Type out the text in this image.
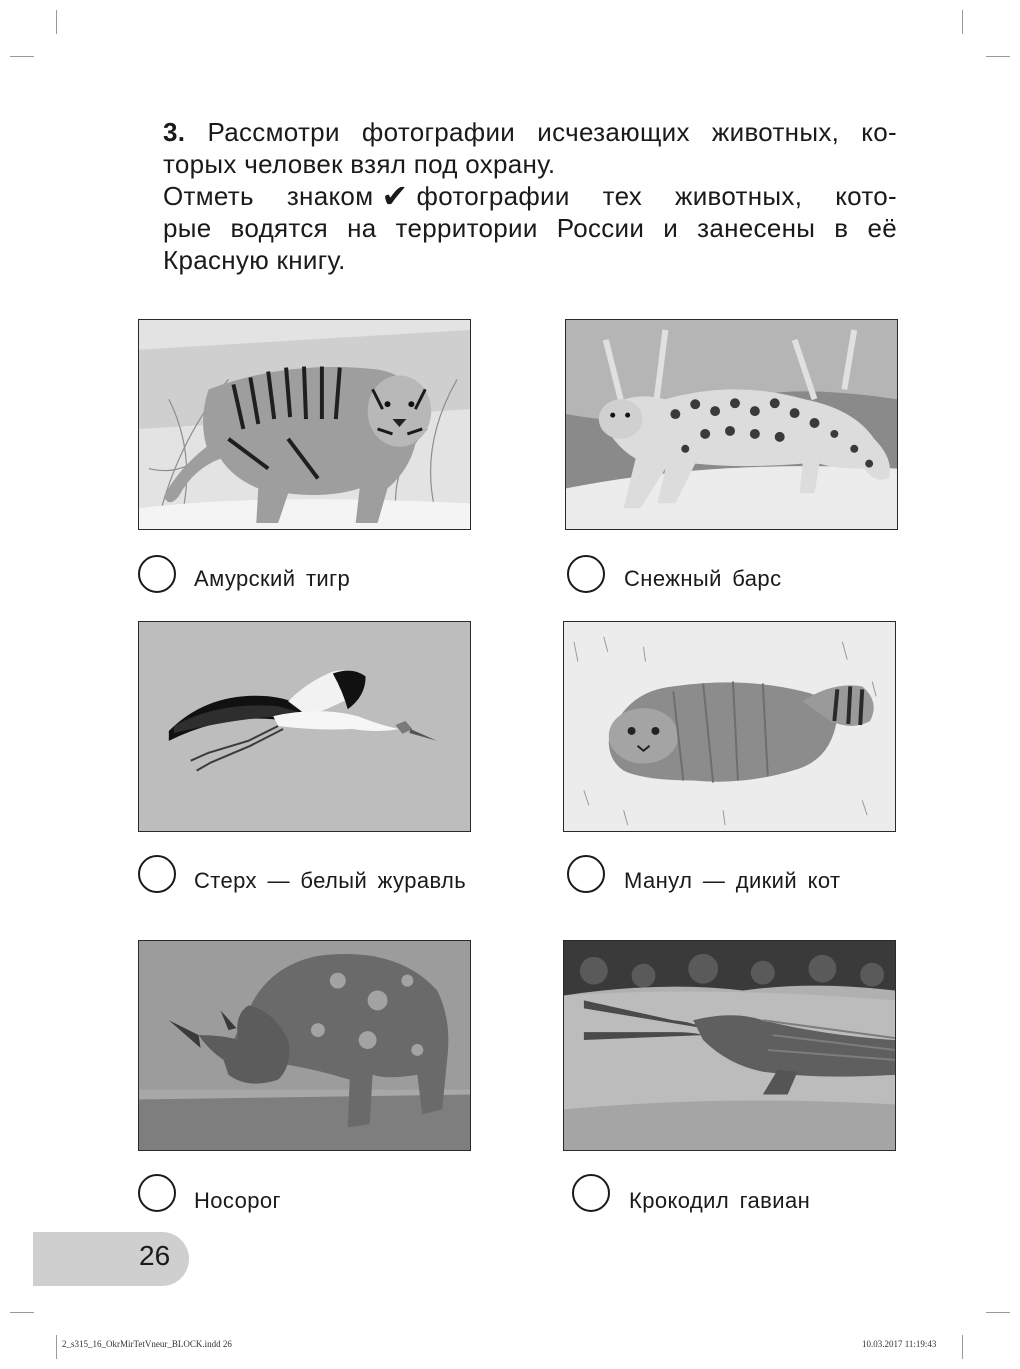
3. Рассмотри фотографии исчезающих животных, ко-

торых человек взял под охрану.

Отметь знаком ✔ фотографии тех животных, кото-

рые водятся на территории России и занесены в её

Красную книгу.

Амурский тигр	Снежный барс
Стерх — белый журавль	Манул — дикий кот
Носорог	Крокодил гавиан
26
2_s315_16_OkrMirTetVneur_BLOCK.indd 26	10.03.2017 11:19:43
